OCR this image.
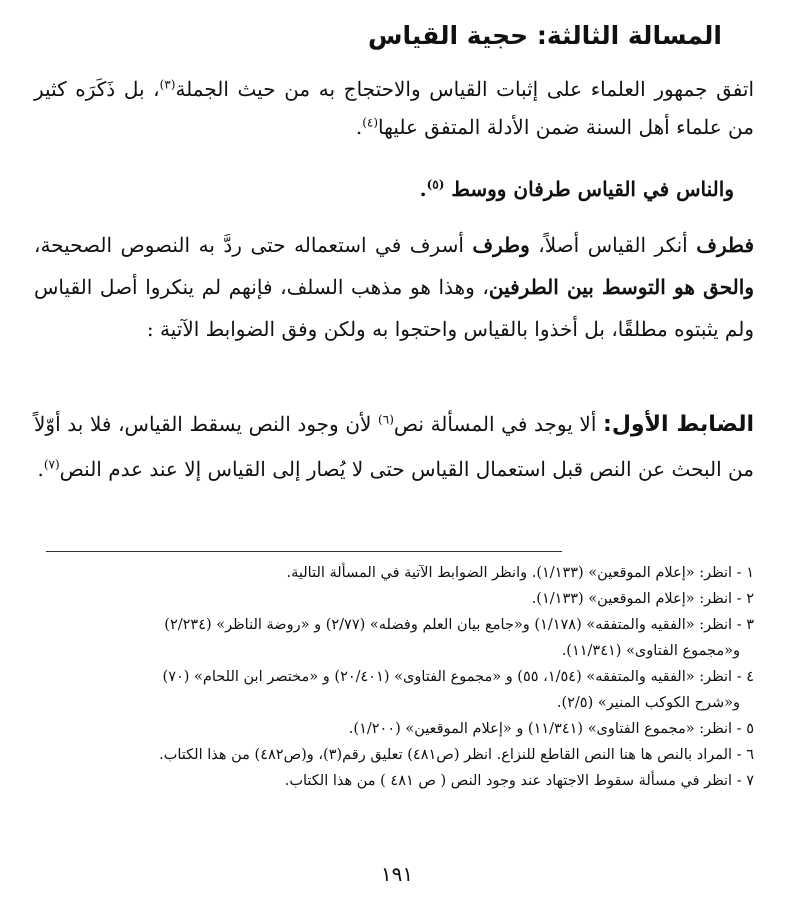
المسالة الثالثة: حجية القياس
اتفق جمهور العلماء على إثبات القياس والاحتجاج به من حيث الجملة$^{(٣)}$، بل ذَكَرَه كثير من علماء أهل السنة ضمن الأدلة المتفق عليها$^{(٤)}$.
والناس في القياس طرفان ووسط $^{(٥)}$.
فطرف أنكر القياس أصلاً، وطرف أسرف في استعماله حتى ردَّ به النصوص الصحيحة، والحق هو التوسط بين الطرفين، وهذا هو مذهب السلف، فإنهم لم ينكروا أصل القياس ولم يثبتوه مطلقًا، بل أخذوا بالقياس واحتجوا به ولكن وفق الضوابط الآتية :
الضابط الأول: ألا يوجد في المسألة نص$^{(٦)}$ لأن وجود النص يسقط القياس، فلا بد أوّلاً من البحث عن النص قبل استعمال القياس حتى لا يُصار إلى القياس إلا عند عدم النص$^{(٧)}$.
١ - انظر: «إعلام الموقعين» (١/١٣٣). وانظر الضوابط الآتية في المسألة التالية.
٢ - انظر: «إعلام الموقعين» (١/١٣٣).
٣ - انظر: «الفقيه والمتفقه» (١/١٧٨) و«جامع بيان العلم وفضله» (٢/٧٧) و «روضة الناظر» (٢/٢٣٤)
و«مجموع الفتاوى» (١١/٣٤١).
٤ - انظر: «الفقيه والمتفقه» (١/٥٤، ٥٥) و «مجموع الفتاوى» (٢٠/٤٠١) و «مختصر ابن اللحام» (٧٠)
و«شرح الكوكب المنير» (٢/٥).
٥ - انظر: «مجموع الفتاوى» (١١/٣٤١) و «إعلام الموقعين» (١/٢٠٠).
٦ - المراد بالنص ها هنا النص القاطع للنزاع. انظر (ص٤٨١) تعليق رقم(٣)، و(ص٤٨٢) من هذا الكتاب.
٧ - انظر في مسألة سقوط الاجتهاد عند وجود النص ( ص ٤٨١ ) من هذا الكتاب.
١٩١
